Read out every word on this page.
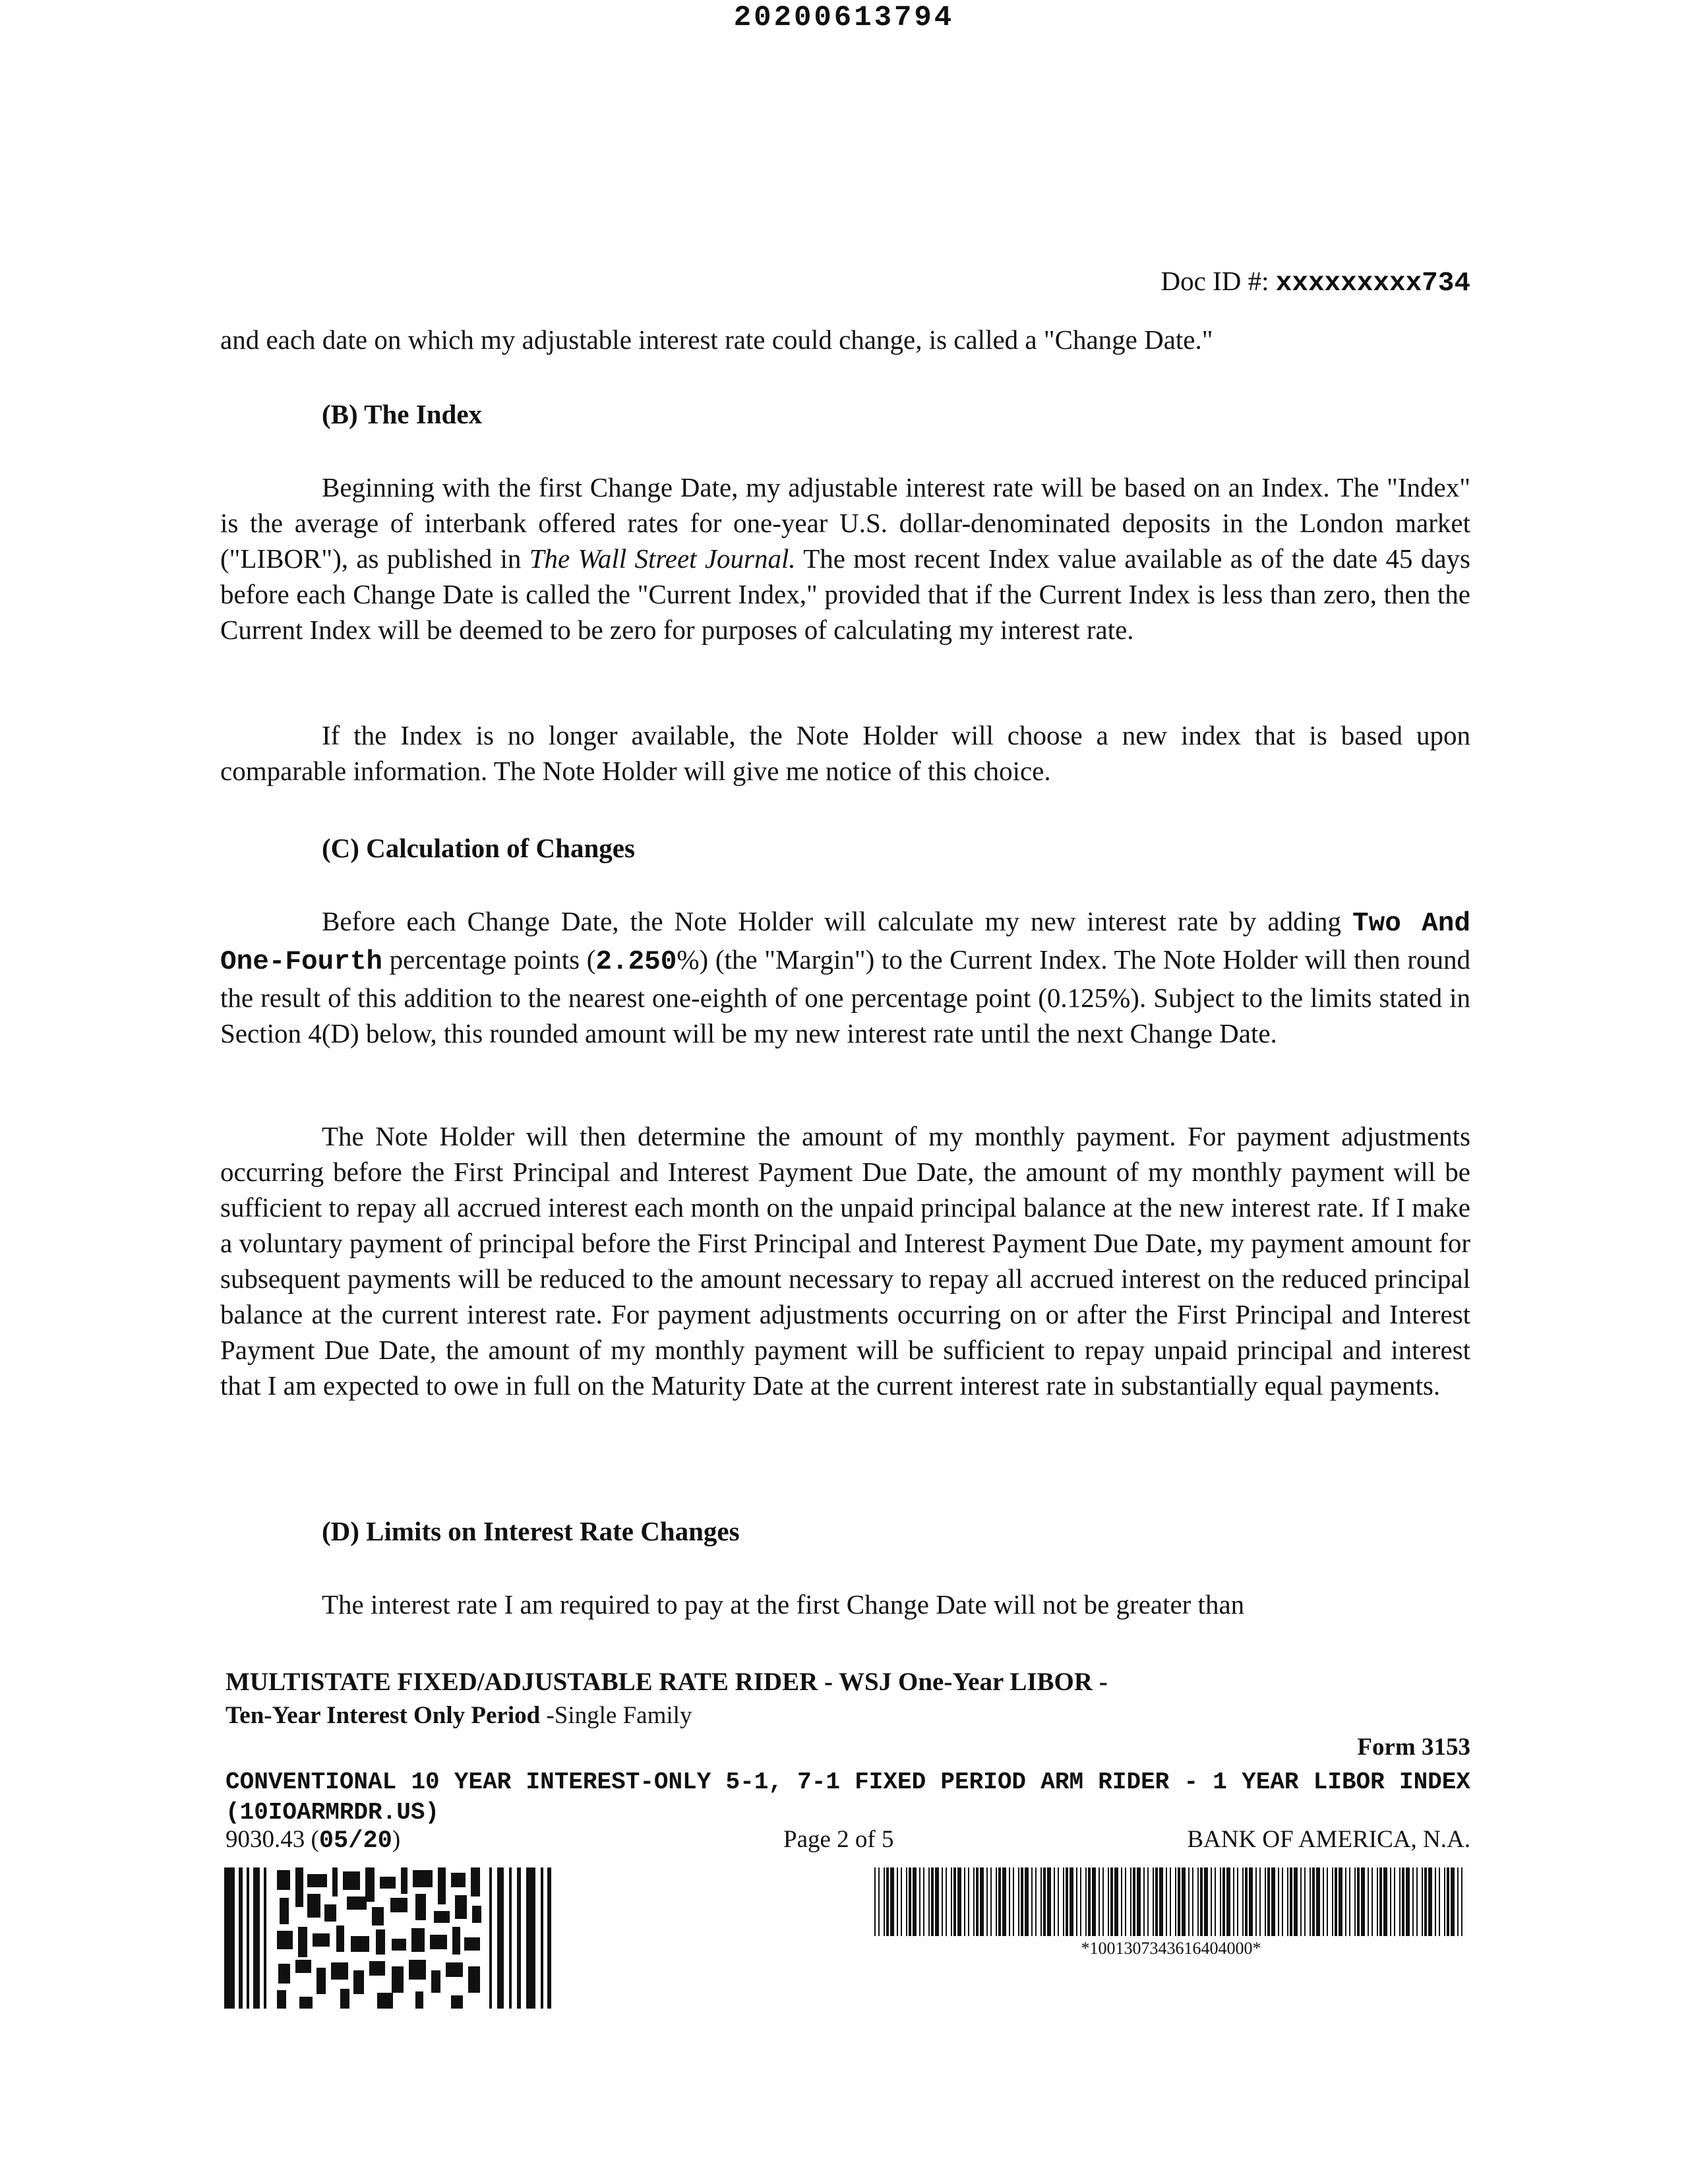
20200613794
Doc ID #: xxxxxxxxx734

and each date on which my adjustable interest rate could change, is called a "Change Date."

(B) The Index

Beginning with the first Change Date, my adjustable interest rate will be based on an Index. The "Index" is the average of interbank offered rates for one-year U.S. dollar-denominated deposits in the London market ("LIBOR"), as published in The Wall Street Journal. The most recent Index value available as of the date 45 days before each Change Date is called the "Current Index," provided that if the Current Index is less than zero, then the Current Index will be deemed to be zero for purposes of calculating my interest rate.

If the Index is no longer available, the Note Holder will choose a new index that is based upon comparable information. The Note Holder will give me notice of this choice.

(C) Calculation of Changes

Before each Change Date, the Note Holder will calculate my new interest rate by adding Two And One-Fourth percentage points (2.250%) (the "Margin") to the Current Index. The Note Holder will then round the result of this addition to the nearest one-eighth of one percentage point (0.125%). Subject to the limits stated in Section 4(D) below, this rounded amount will be my new interest rate until the next Change Date.

The Note Holder will then determine the amount of my monthly payment. For payment adjustments occurring before the First Principal and Interest Payment Due Date, the amount of my monthly payment will be sufficient to repay all accrued interest each month on the unpaid principal balance at the new interest rate. If I make a voluntary payment of principal before the First Principal and Interest Payment Due Date, my payment amount for subsequent payments will be reduced to the amount necessary to repay all accrued interest on the reduced principal balance at the current interest rate. For payment adjustments occurring on or after the First Principal and Interest Payment Due Date, the amount of my monthly payment will be sufficient to repay unpaid principal and interest that I am expected to owe in full on the Maturity Date at the current interest rate in substantially equal payments.

(D) Limits on Interest Rate Changes

The interest rate I am required to pay at the first Change Date will not be greater than

MULTISTATE FIXED/ADJUSTABLE RATE RIDER - WSJ One-Year LIBOR -
Ten-Year Interest Only Period -Single Family
Form 3153
CONVENTIONAL 10 YEAR INTEREST-ONLY 5-1, 7-1 FIXED PERIOD ARM RIDER - 1 YEAR LIBOR INDEX (10IOARMRDR.US)
9030.43 (05/20)	Page 2 of 5	BANK OF AMERICA, N.A.
*1001307343616404000*
